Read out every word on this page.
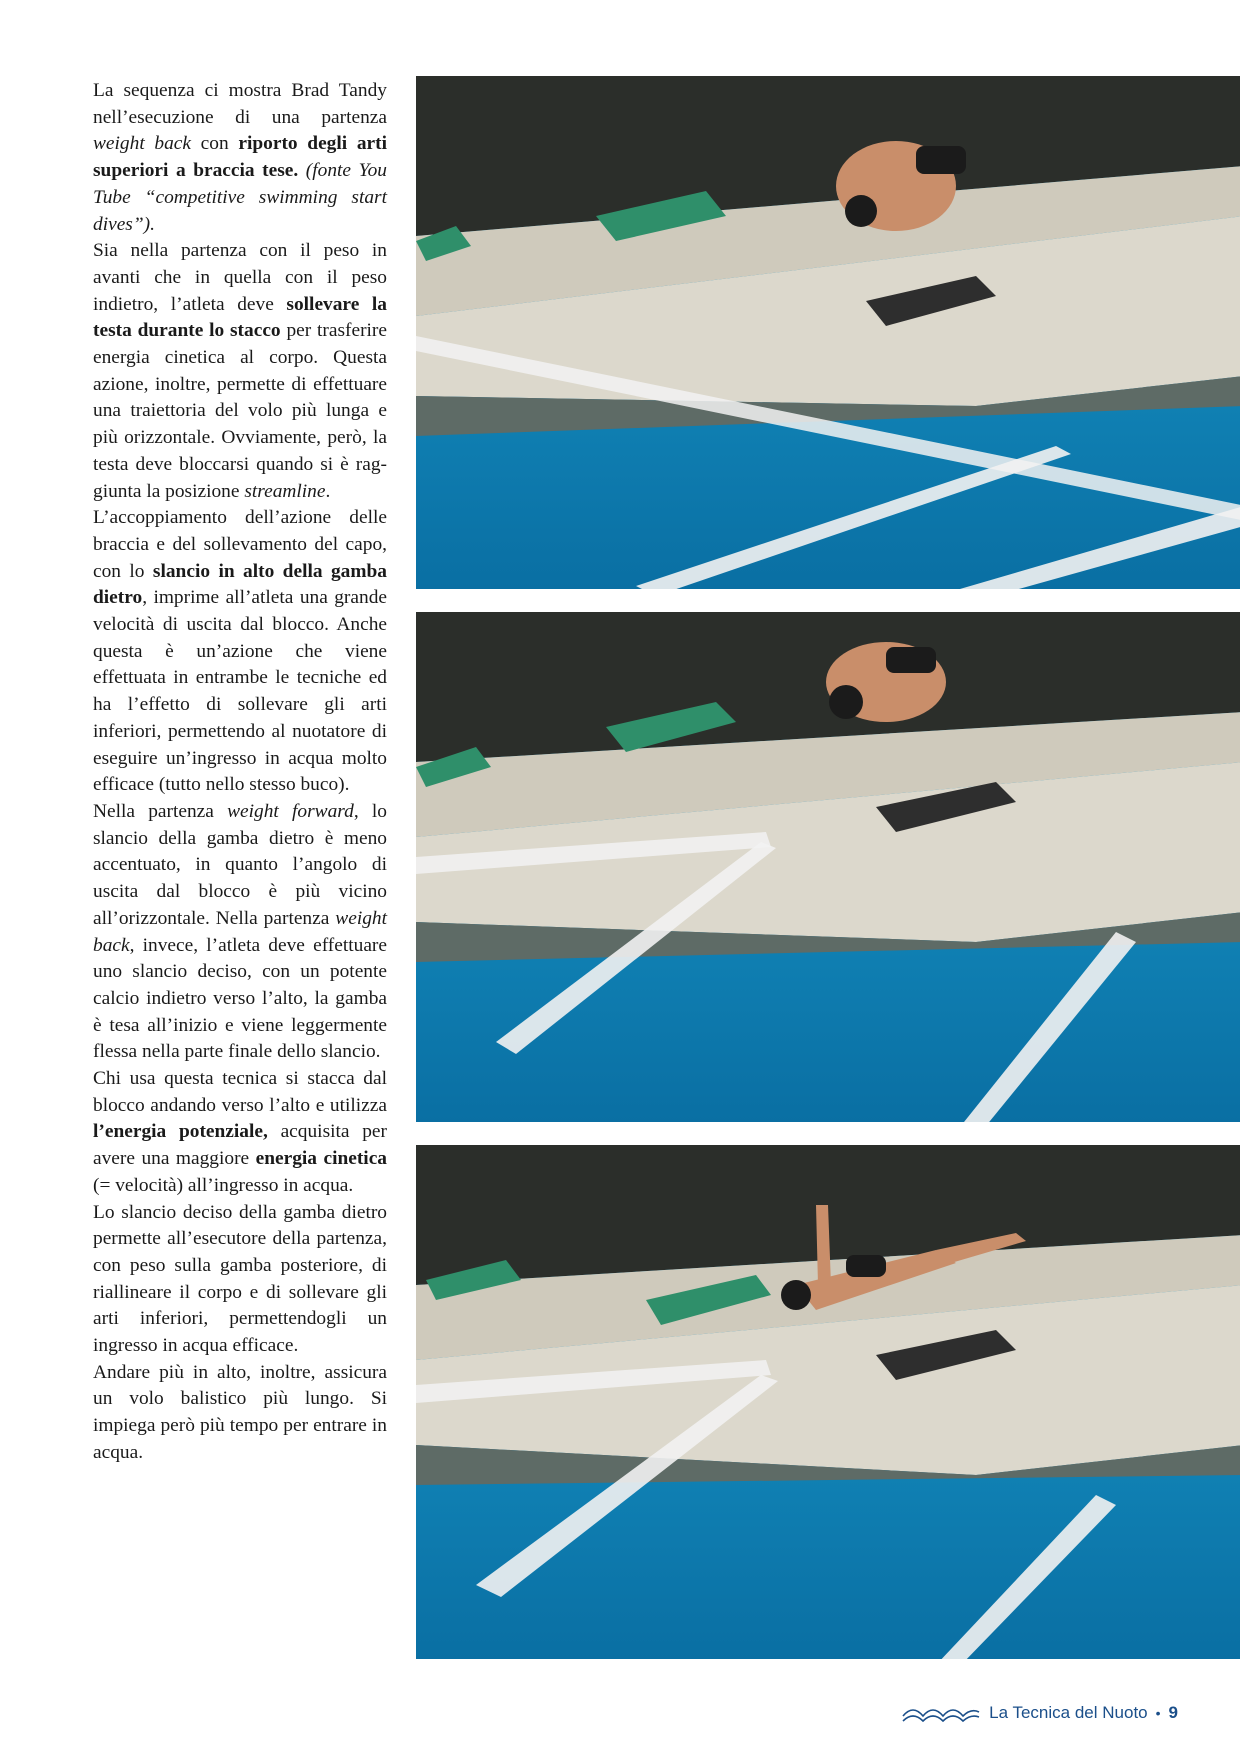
La sequenza ci mostra Brad Tandy nell’esecuzione di una partenza weight back con riporto degli arti superiori a braccia tese. (fonte You Tube “competitive swimming start dives”).

Sia nella partenza con il peso in avanti che in quella con il peso indietro, l’atleta deve sollevare la testa durante lo stacco per trasferire energia cinetica al corpo. Questa azione, inoltre, permette di effettuare una traiettoria del volo più lunga e più orizzontale. Ovviamente, però, la testa deve bloccarsi quando si è raggiunta la posizione streamline.

L’accoppiamento dell’azione delle braccia e del sollevamento del capo, con lo slancio in alto della gamba dietro, imprime all’atleta una grande velocità di uscita dal blocco. Anche questa è un’azione che viene effettuata in entrambe le tecniche ed ha l’effetto di sollevare gli arti inferiori, permettendo al nuotatore di eseguire un’ingresso in acqua molto efficace (tutto nello stesso buco).

Nella partenza weight forward, lo slancio della gamba dietro è meno accentuato, in quanto l’angolo di uscita dal blocco è più vicino all’orizzontale. Nella partenza weight back, invece, l’atleta deve effettuare uno slancio deciso, con un potente calcio indietro verso l’alto, la gamba è tesa all’inizio e viene leggermente flessa nella parte finale dello slancio.

Chi usa questa tecnica si stacca dal blocco andando verso l’alto e utilizza l’energia potenziale, acquisita per avere una maggiore energia cinetica (= velocità) all’ingresso in acqua.

Lo slancio deciso della gamba dietro permette all’esecutore della partenza, con peso sulla gamba posteriore, di riallineare il corpo e di sollevare gli arti inferiori, permettendogli un ingresso in acqua efficace.

Andare più in alto, inoltre, assicura un volo balistico più lungo. Si impiega però più tempo per entrare in acqua.

La Tecnica del Nuoto • 9
